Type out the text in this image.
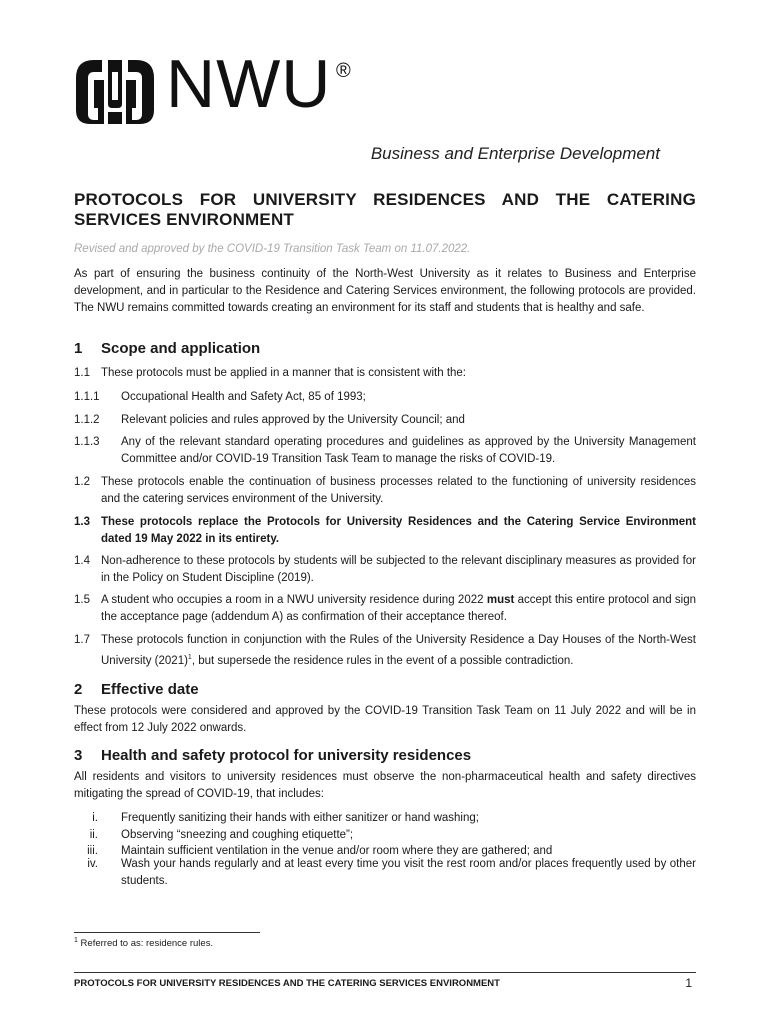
NWU ®
Business and Enterprise Development
PROTOCOLS FOR UNIVERSITY RESIDENCES AND THE CATERING SERVICES ENVIRONMENT
Revised and approved by the COVID-19 Transition Task Team on 11.07.2022.
As part of ensuring the business continuity of the North-West University as it relates to Business and Enterprise development, and in particular to the Residence and Catering Services environment, the following protocols are provided. The NWU remains committed towards creating an environment for its staff and students that is healthy and safe.
1 Scope and application
1.1 These protocols must be applied in a manner that is consistent with the:
1.1.1 Occupational Health and Safety Act, 85 of 1993;
1.1.2 Relevant policies and rules approved by the University Council; and
1.1.3 Any of the relevant standard operating procedures and guidelines as approved by the University Management Committee and/or COVID-19 Transition Task Team to manage the risks of COVID-19.
1.2 These protocols enable the continuation of business processes related to the functioning of university residences and the catering services environment of the University.
1.3 These protocols replace the Protocols for University Residences and the Catering Service Environment dated 19 May 2022 in its entirety.
1.4 Non-adherence to these protocols by students will be subjected to the relevant disciplinary measures as provided for in the Policy on Student Discipline (2019).
1.5 A student who occupies a room in a NWU university residence during 2022 must accept this entire protocol and sign the acceptance page (addendum A) as confirmation of their acceptance thereof.
1.7 These protocols function in conjunction with the Rules of the University Residence a Day Houses of the North-West University $(2021)^1$, but supersede the residence rules in the event of a possible contradiction.
2 Effective date
These protocols were considered and approved by the COVID-19 Transition Task Team on 11 July 2022 and will be in effect from 12 July 2022 onwards.
3 Health and safety protocol for university residences
All residents and visitors to university residences must observe the non-pharmaceutical health and safety directives mitigating the spread of COVID-19, that includes:
i. Frequently sanitizing their hands with either sanitizer or hand washing;
ii. Observing “sneezing and coughing etiquette”;
iii. Maintain sufficient ventilation in the venue and/or room where they are gathered; and
iv. Wash your hands regularly and at least every time you visit the rest room and/or places frequently used by other students.
$^1$ Referred to as: residence rules.
PROTOCOLS FOR UNIVERSITY RESIDENCES AND THE CATERING SERVICES ENVIRONMENT	1
